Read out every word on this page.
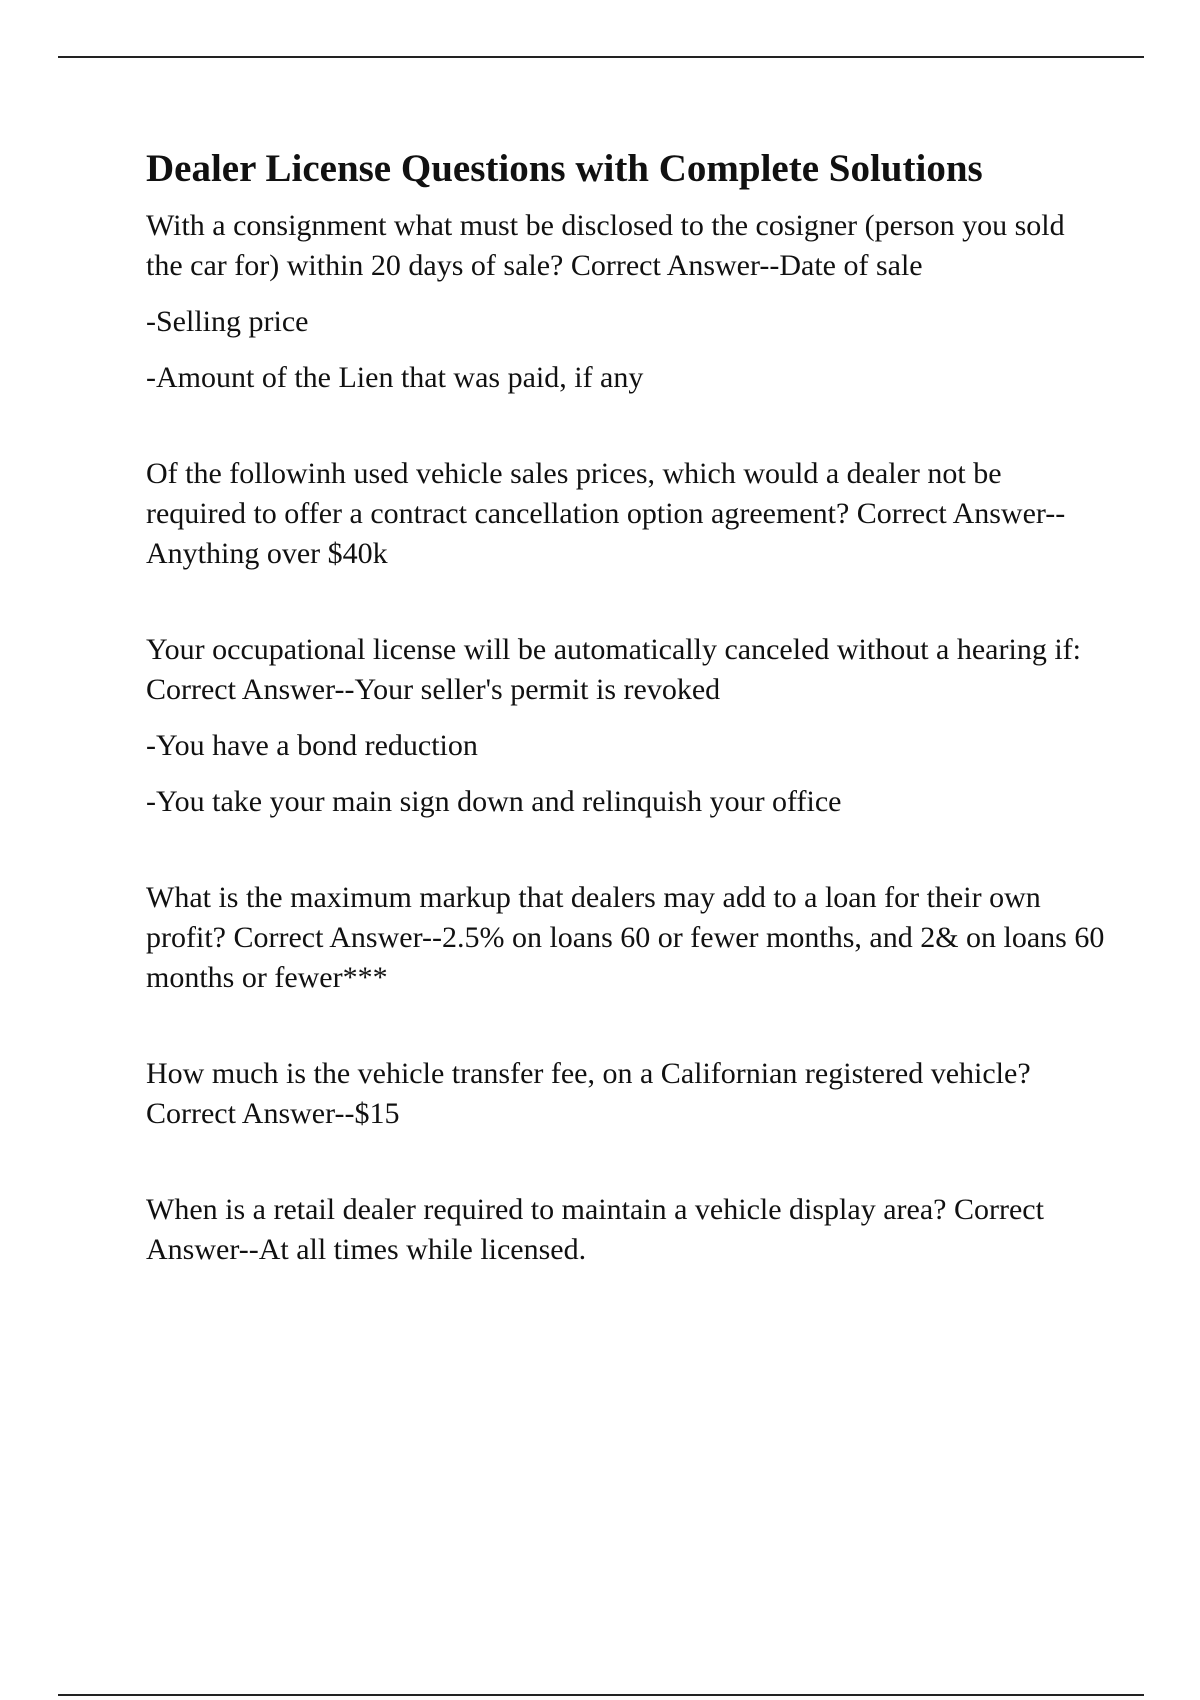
Dealer License Questions with Complete Solutions

With a consignment what must be disclosed to the cosigner (person you sold the car for) within 20 days of sale? Correct Answer--Date of sale

-Selling price

-Amount of the Lien that was paid, if any

Of the followinh used vehicle sales prices, which would a dealer not be required to offer a contract cancellation option agreement? Correct Answer--Anything over $40k

Your occupational license will be automatically canceled without a hearing if: Correct Answer--Your seller's permit is revoked

-You have a bond reduction

-You take your main sign down and relinquish your office

What is the maximum markup that dealers may add to a loan for their own profit? Correct Answer--2.5% on loans 60 or fewer months, and 2& on loans 60 months or fewer***

How much is the vehicle transfer fee, on a Californian registered vehicle? Correct Answer--$15

When is a retail dealer required to maintain a vehicle display area? Correct Answer--At all times while licensed.
